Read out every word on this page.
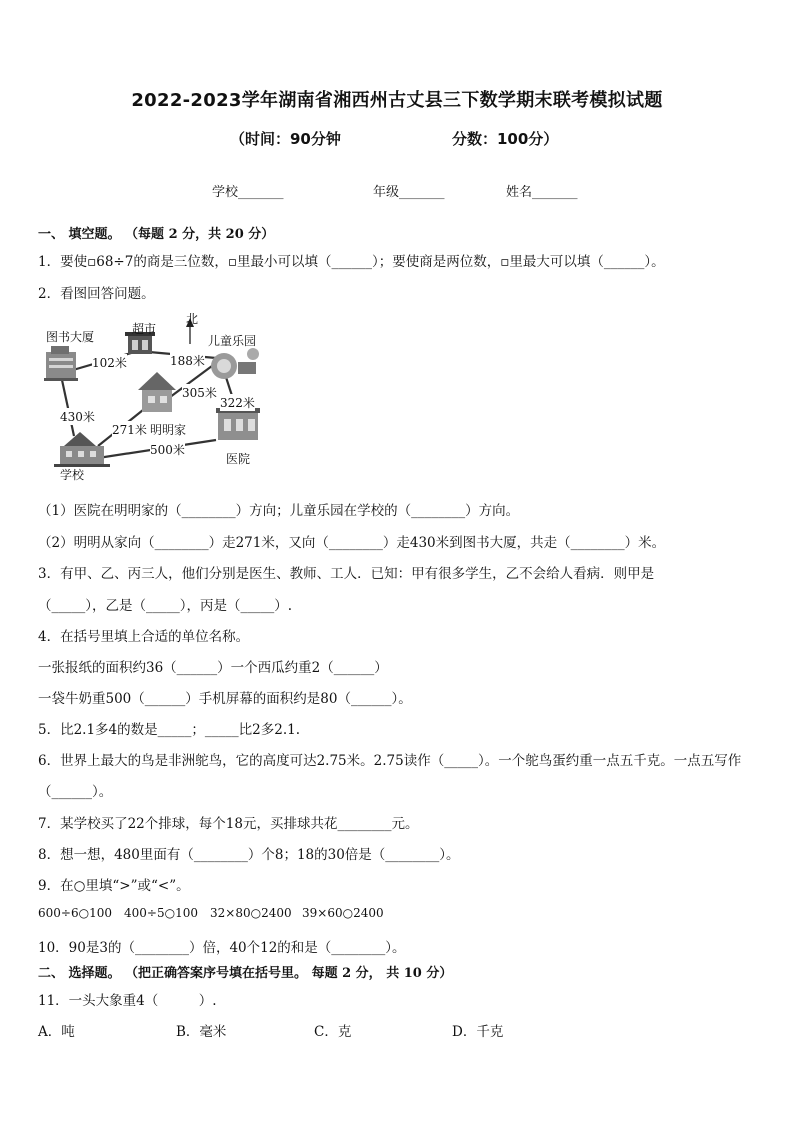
2022-2023学年湖南省湘西州古丈县三下数学期末联考模拟试题
（时间：90分钟	分数：100分）
学校_______	年级_______	姓名_______
一、 填空题。 （每题 2 分，共 20 分）
1．要使▫68÷7的商是三位数，▫里最小可以填（______）；要使商是两位数，▫里最大可以填（______）。
2．看图回答问题。
图书大厦
超市
北
儿童乐园
102米	188米
305米
322米
430米
271米 明明家
500米
医院
学校
（1）医院在明明家的（________）方向；儿童乐园在学校的（________）方向。
（2）明明从家向（________）走271米，又向（________）走430米到图书大厦，共走（________）米。
3．有甲、乙、丙三人，他们分别是医生、教师、工人．已知：甲有很多学生，乙不会给人看病．则甲是
（_____），乙是（_____），丙是（_____）.
4．在括号里填上合适的单位名称。
一张报纸的面积约36（______）一个西瓜约重2（______）
一袋牛奶重500（______）手机屏幕的面积约是80（______）。
5．比2.1多4的数是_____；_____比2多2.1.
6．世界上最大的鸟是非洲鸵鸟，它的高度可达2.75米。2.75读作（_____）。一个鸵鸟蛋约重一点五千克。一点五写作
（______）。
7．某学校买了22个排球，每个18元，买排球共花________元。
8．想一想，480里面有（________）个8；18的30倍是（________）。
9．在○里填“>”或“<”。
600÷6○100 400÷5○100 32×80○2400 39×60○2400
10．90是3的（________）倍，40个12的和是（________）。
二、 选择题。 （把正确答案序号填在括号里。 每题 2 分， 共 10 分）
11．一头大象重4（　　　）.
A．吨	B．毫米	C．克	D．千克
